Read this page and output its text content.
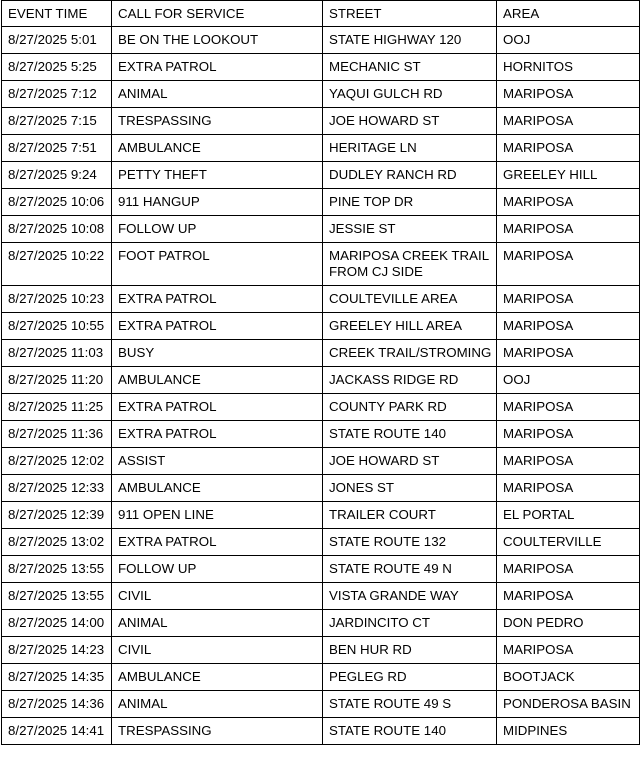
EVENT TIME	CALL FOR SERVICE	STREET	AREA
8/27/2025 5:01	BE ON THE LOOKOUT	STATE HIGHWAY 120	OOJ
8/27/2025 5:25	EXTRA PATROL	MECHANIC ST	HORNITOS
8/27/2025 7:12	ANIMAL	YAQUI GULCH RD	MARIPOSA
8/27/2025 7:15	TRESPASSING	JOE HOWARD ST	MARIPOSA
8/27/2025 7:51	AMBULANCE	HERITAGE LN	MARIPOSA
8/27/2025 9:24	PETTY THEFT	DUDLEY RANCH RD	GREELEY HILL
8/27/2025 10:06	911 HANGUP	PINE TOP DR	MARIPOSA
8/27/2025 10:08	FOLLOW UP	JESSIE ST	MARIPOSA
8/27/2025 10:22	FOOT PATROL	MARIPOSA CREEK TRAIL FROM CJ SIDE	MARIPOSA
8/27/2025 10:23	EXTRA PATROL	COULTEVILLE AREA	MARIPOSA
8/27/2025 10:55	EXTRA PATROL	GREELEY HILL AREA	MARIPOSA
8/27/2025 11:03	BUSY	CREEK TRAIL/STROMING	MARIPOSA
8/27/2025 11:20	AMBULANCE	JACKASS RIDGE RD	OOJ
8/27/2025 11:25	EXTRA PATROL	COUNTY PARK RD	MARIPOSA
8/27/2025 11:36	EXTRA PATROL	STATE ROUTE 140	MARIPOSA
8/27/2025 12:02	ASSIST	JOE HOWARD ST	MARIPOSA
8/27/2025 12:33	AMBULANCE	JONES ST	MARIPOSA
8/27/2025 12:39	911 OPEN LINE	TRAILER COURT	EL PORTAL
8/27/2025 13:02	EXTRA PATROL	STATE ROUTE 132	COULTERVILLE
8/27/2025 13:55	FOLLOW UP	STATE ROUTE 49 N	MARIPOSA
8/27/2025 13:55	CIVIL	VISTA GRANDE WAY	MARIPOSA
8/27/2025 14:00	ANIMAL	JARDINCITO CT	DON PEDRO
8/27/2025 14:23	CIVIL	BEN HUR RD	MARIPOSA
8/27/2025 14:35	AMBULANCE	PEGLEG RD	BOOTJACK
8/27/2025 14:36	ANIMAL	STATE ROUTE 49 S	PONDEROSA BASIN
8/27/2025 14:41	TRESPASSING	STATE ROUTE 140	MIDPINES
